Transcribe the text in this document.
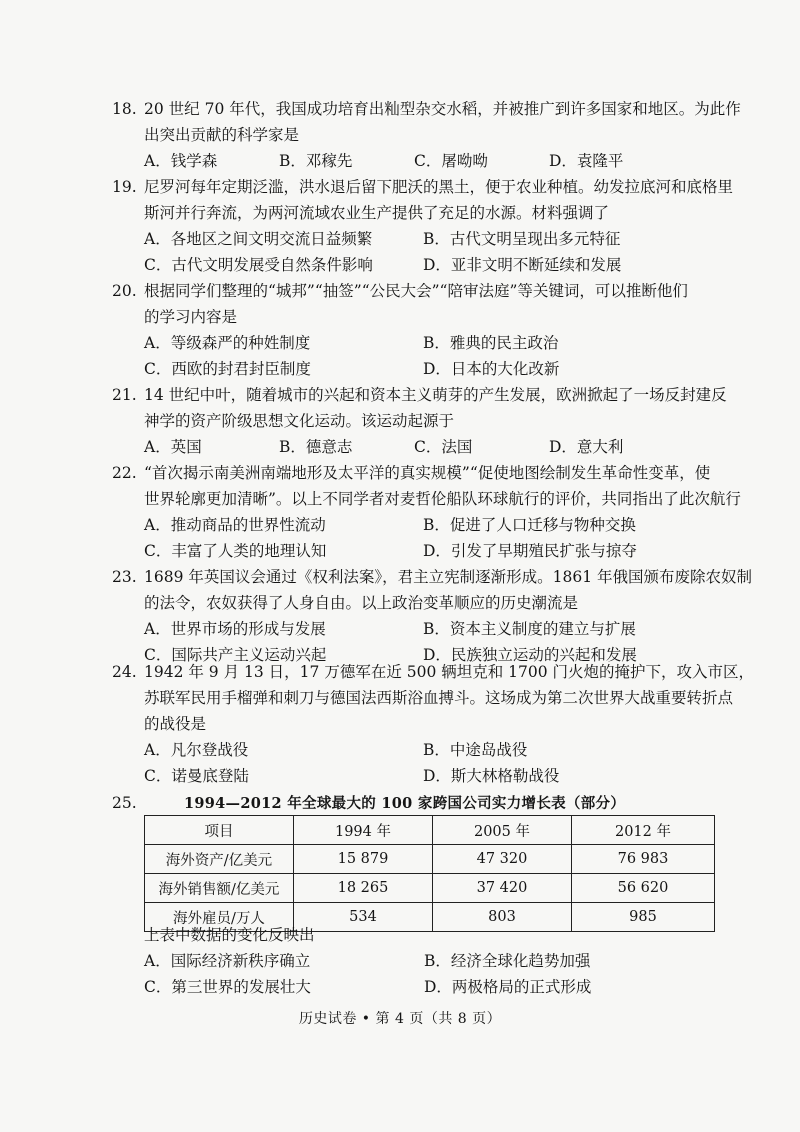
18. 20 世纪 70 年代，我国成功培育出籼型杂交水稻，并被推广到许多国家和地区。为此作
出突出贡献的科学家是
A．钱学森	B．邓稼先	C．屠呦呦	D．袁隆平
19. 尼罗河每年定期泛滥，洪水退后留下肥沃的黑土，便于农业种植。幼发拉底河和底格里
斯河并行奔流，为两河流域农业生产提供了充足的水源。材料强调了
A．各地区之间文明交流日益频繁	B．古代文明呈现出多元特征
C．古代文明发展受自然条件影响	D．亚非文明不断延续和发展
20. 根据同学们整理的“城邦”“抽签”“公民大会”“陪审法庭”等关键词，可以推断他们
的学习内容是
A．等级森严的种姓制度	B．雅典的民主政治
C．西欧的封君封臣制度	D．日本的大化改新
21. 14 世纪中叶，随着城市的兴起和资本主义萌芽的产生发展，欧洲掀起了一场反封建反
神学的资产阶级思想文化运动。该运动起源于
A．英国	B．德意志	C．法国	D．意大利
22. “首次揭示南美洲南端地形及太平洋的真实规模”“促使地图绘制发生革命性变革，使
世界轮廓更加清晰”。以上不同学者对麦哲伦船队环球航行的评价，共同指出了此次航行
A．推动商品的世界性流动	B．促进了人口迁移与物种交换
C．丰富了人类的地理认知	D．引发了早期殖民扩张与掠夺
23. 1689 年英国议会通过《权利法案》，君主立宪制逐渐形成。1861 年俄国颁布废除农奴制
的法令，农奴获得了人身自由。以上政治变革顺应的历史潮流是
A．世界市场的形成与发展	B．资本主义制度的建立与扩展
C．国际共产主义运动兴起	D．民族独立运动的兴起和发展
24. 1942 年 9 月 13 日，17 万德军在近 500 辆坦克和 1700 门火炮的掩护下，攻入市区，
苏联军民用手榴弹和刺刀与德国法西斯浴血搏斗。这场成为第二次世界大战重要转折点
的战役是
A．凡尔登战役	B．中途岛战役
C．诺曼底登陆	D．斯大林格勒战役
25.	1994—2012 年全球最大的 100 家跨国公司实力增长表（部分）
项目	1994 年	2005 年	2012 年
海外资产/亿美元	15 879	47 320	76 983
海外销售额/亿美元	18 265	37 420	56 620
海外雇员/万人	534	803	985
上表中数据的变化反映出
A．国际经济新秩序确立	B．经济全球化趋势加强
C．第三世界的发展壮大	D．两极格局的正式形成
历史试卷 • 第 4 页（共 8 页）
